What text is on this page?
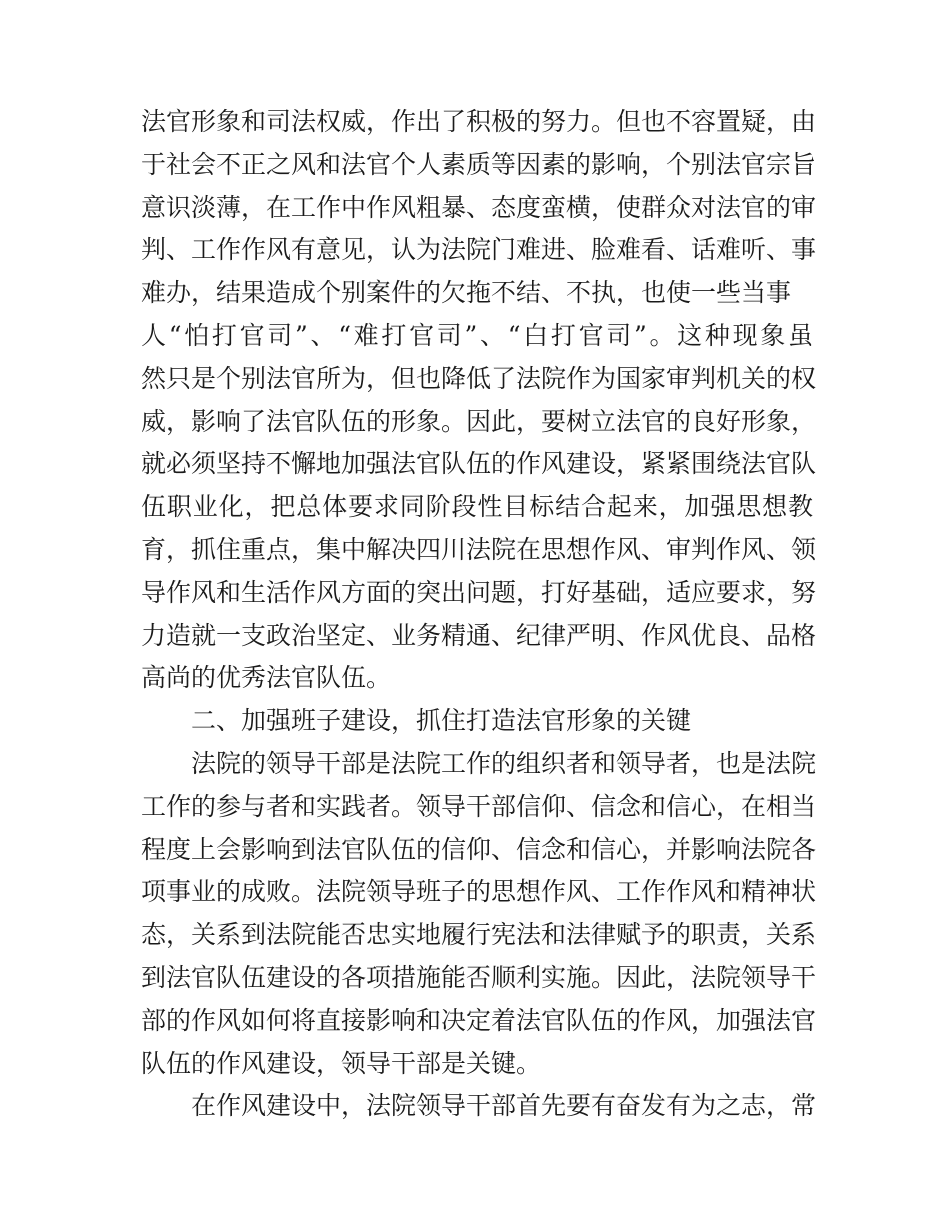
法官形象和司法权威，作出了积极的努力。但也不容置疑，由
于社会不正之风和法官个人素质等因素的影响，个别法官宗旨
意识淡薄，在工作中作风粗暴、态度蛮横，使群众对法官的审
判、工作作风有意见，认为法院门难进、脸难看、话难听、事
难办，结果造成个别案件的欠拖不结、不执，也使一些当事
人“怕打官司”、“难打官司”、“白打官司”。这种现象虽
然只是个别法官所为，但也降低了法院作为国家审判机关的权
威，影响了法官队伍的形象。因此，要树立法官的良好形象，
就必须坚持不懈地加强法官队伍的作风建设，紧紧围绕法官队
伍职业化，把总体要求同阶段性目标结合起来，加强思想教
育，抓住重点，集中解决四川法院在思想作风、审判作风、领
导作风和生活作风方面的突出问题，打好基础，适应要求，努
力造就一支政治坚定、业务精通、纪律严明、作风优良、品格
高尚的优秀法官队伍。
二、加强班子建设，抓住打造法官形象的关键
法院的领导干部是法院工作的组织者和领导者，也是法院
工作的参与者和实践者。领导干部信仰、信念和信心，在相当
程度上会影响到法官队伍的信仰、信念和信心，并影响法院各
项事业的成败。法院领导班子的思想作风、工作作风和精神状
态，关系到法院能否忠实地履行宪法和法律赋予的职责，关系
到法官队伍建设的各项措施能否顺利实施。因此，法院领导干
部的作风如何将直接影响和决定着法官队伍的作风，加强法官
队伍的作风建设，领导干部是关键。
在作风建设中，法院领导干部首先要有奋发有为之志，常
